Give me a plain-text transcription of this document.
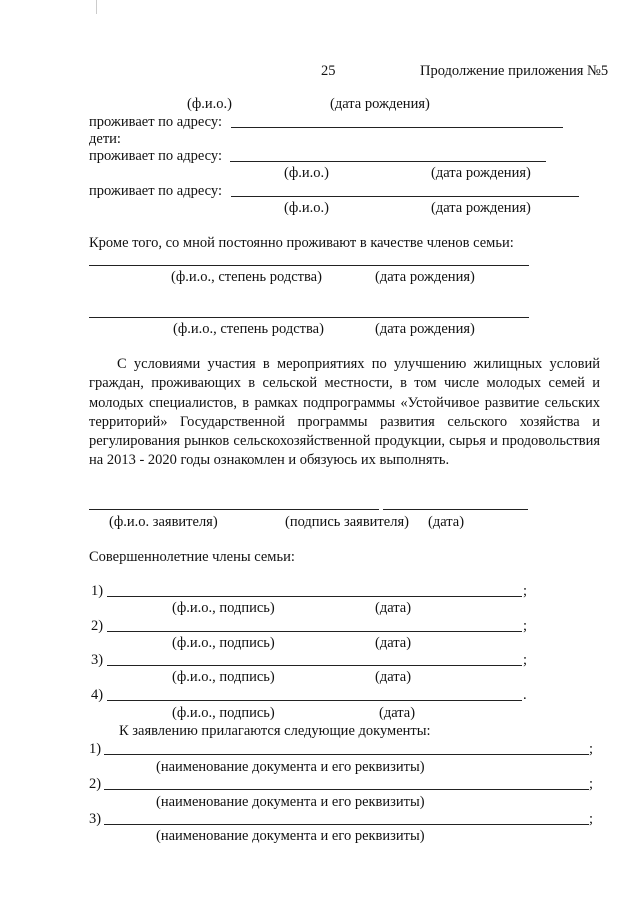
25	Продолжение приложения №5
(ф.и.о.)	(дата рождения)
проживает по адресу:
дети:
проживает по адресу:
(ф.и.о.)	(дата рождения)
проживает по адресу:
(ф.и.о.)	(дата рождения)
Кроме того, со мной постоянно проживают в качестве членов семьи:
(ф.и.о., степень родства)	(дата рождения)
(ф.и.о., степень родства)	(дата рождения)
С условиями участия в мероприятиях по улучшению жилищных условий граждан, проживающих в сельской местности, в том числе молодых семей и молодых специалистов, в рамках подпрограммы «Устойчивое развитие сельских территорий» Государственной программы развития сельского хозяйства и регулирования рынков сельскохозяйственной продукции, сырья и продовольствия на 2013 - 2020 годы ознакомлен и обязуюсь их выполнять.
(ф.и.о. заявителя)	(подпись заявителя) (дата)
Совершеннолетние члены семьи:
1)	;
(ф.и.о., подпись)	(дата)
2)	;
(ф.и.о., подпись)	(дата)
3)	;
(ф.и.о., подпись)	(дата)
4)	.
(ф.и.о., подпись)	(дата)
К заявлению прилагаются следующие документы:
1)	;
(наименование документа и его реквизиты)
2)	;
(наименование документа и его реквизиты)
3)	;
(наименование документа и его реквизиты)
